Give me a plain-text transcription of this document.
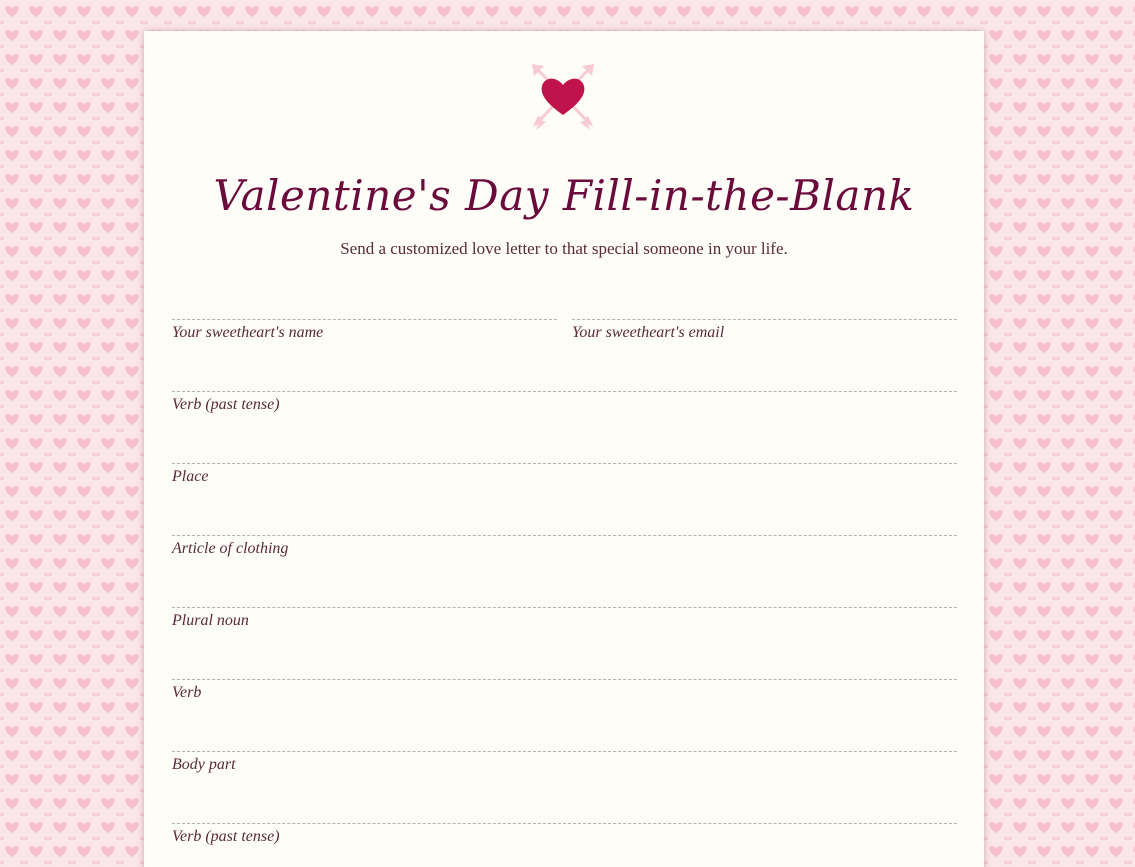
Valentine's Day Fill-in-the-Blank

Send a customized love letter to that special someone in your life.

Your sweetheart's name	Your sweetheart's email
Verb (past tense)
Place
Article of clothing
Plural noun
Verb
Body part
Verb (past tense)
